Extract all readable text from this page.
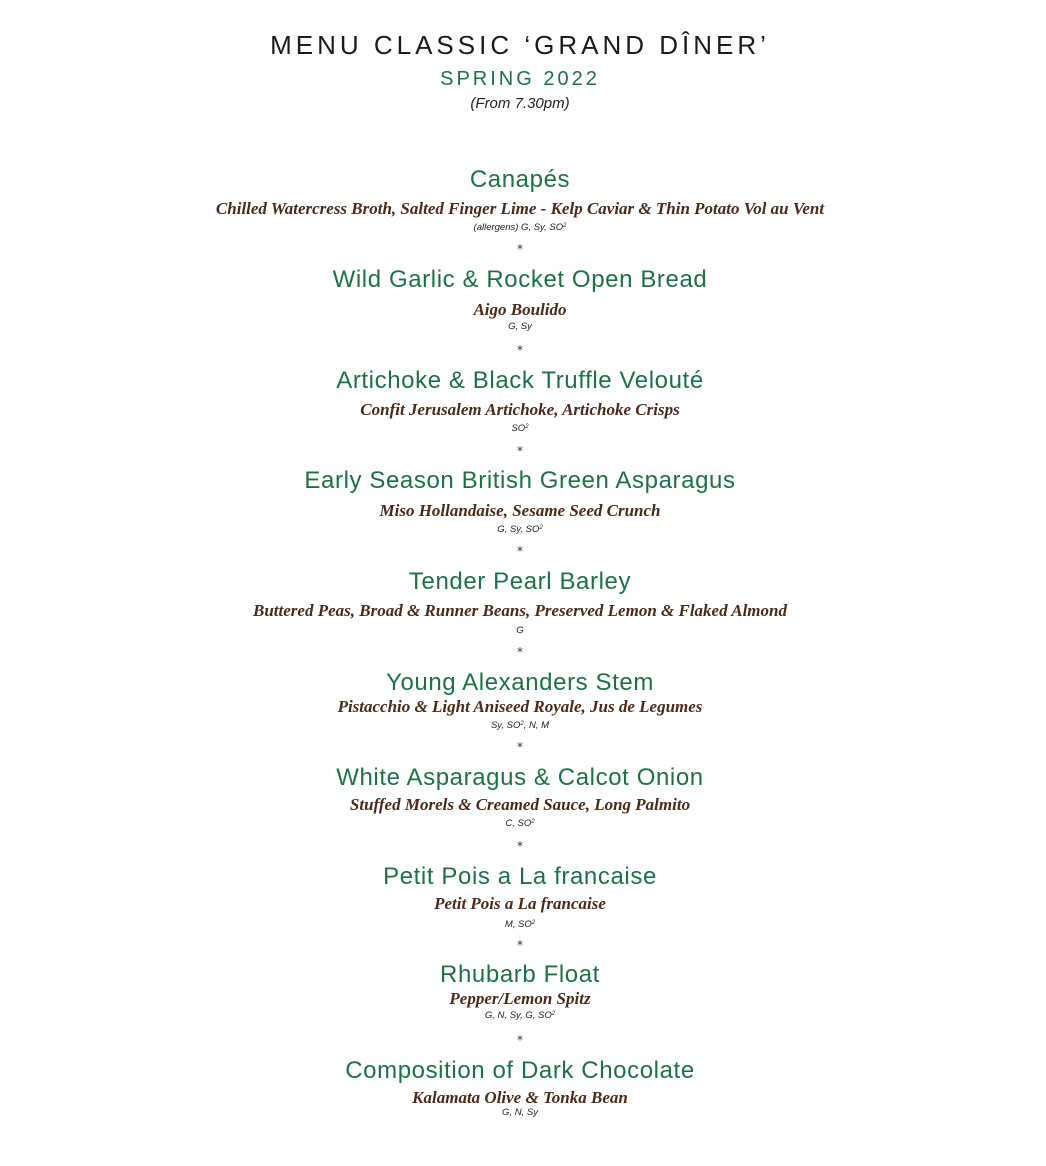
MENU CLASSIC ‘GRAND DÎNER’
SPRING 2022
(From 7.30pm)
Canapés
Chilled Watercress Broth, Salted Finger Lime - Kelp Caviar & Thin Potato Vol au Vent
(allergens) G, Sy, $SO^2$
*
Wild Garlic & Rocket Open Bread
Aigo Boulido
G, Sy
*
Artichoke & Black Truffle Velouté
Confit Jerusalem Artichoke, Artichoke Crisps
$SO^2$
*
Early Season British Green Asparagus
Miso Hollandaise, Sesame Seed Crunch
G, Sy, $SO^2$
*
Tender Pearl Barley
Buttered Peas, Broad & Runner Beans, Preserved Lemon & Flaked Almond
G
*
Young Alexanders Stem
Pistacchio & Light Aniseed Royale, Jus de Legumes
Sy, $SO^2$, N, M
*
White Asparagus & Calcot Onion
Stuffed Morels & Creamed Sauce, Long Palmito
C, $SO^2$
*
Petit Pois a La francaise
Petit Pois a La francaise
M, $SO^2$
*
Rhubarb Float
Pepper/Lemon Spitz
G, N, Sy, G, $SO^2$
*
Composition of Dark Chocolate
Kalamata Olive & Tonka Bean
G, N, Sy
